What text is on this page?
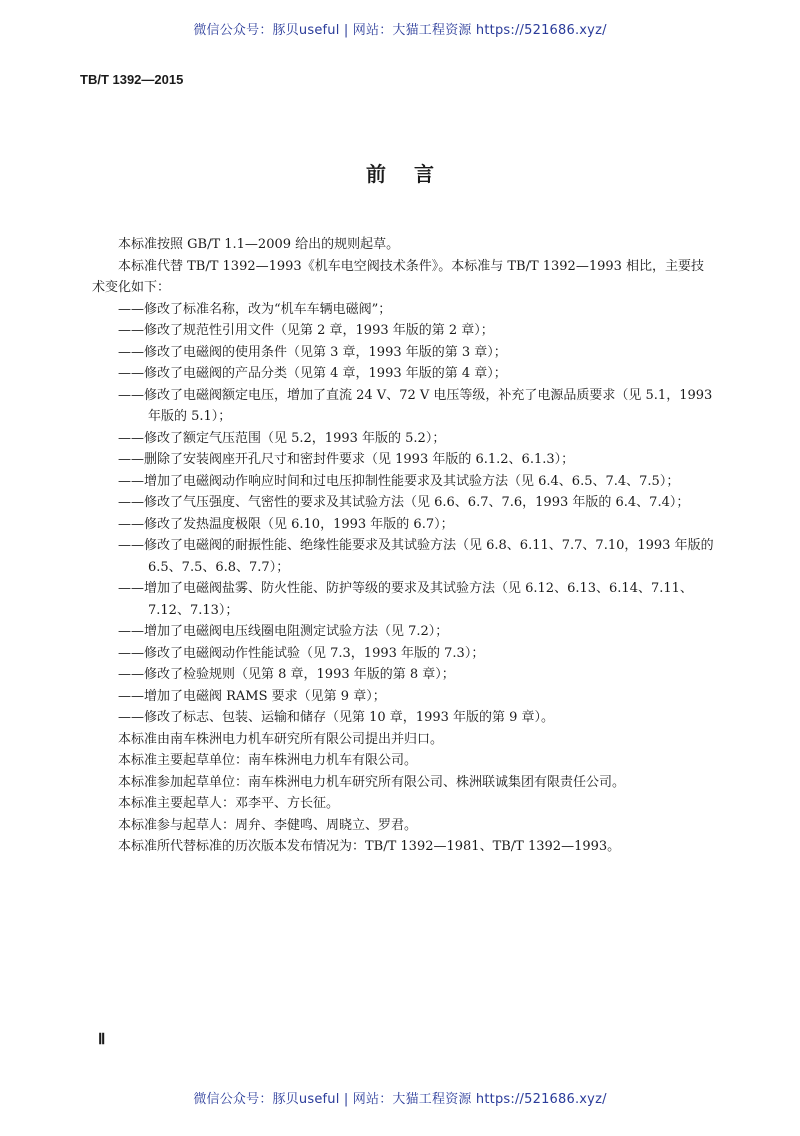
微信公众号：豚贝useful | 网站：大猫工程资源 https://521686.xyz/
TB/T 1392—2015
前言
本标准按照 GB/T 1.1—2009 给出的规则起草。
本标准代替 TB/T 1392—1993《机车电空阀技术条件》。本标准与 TB/T 1392—1993 相比，主要技
术变化如下：
——修改了标准名称，改为“机车车辆电磁阀”；
——修改了规范性引用文件（见第 2 章，1993 年版的第 2 章）；
——修改了电磁阀的使用条件（见第 3 章，1993 年版的第 3 章）；
——修改了电磁阀的产品分类（见第 4 章，1993 年版的第 4 章）；
——修改了电磁阀额定电压，增加了直流 24 V、72 V 电压等级，补充了电源品质要求（见 5.1，1993
年版的 5.1）；
——修改了额定气压范围（见 5.2，1993 年版的 5.2）；
——删除了安装阀座开孔尺寸和密封件要求（见 1993 年版的 6.1.2、6.1.3）；
——增加了电磁阀动作响应时间和过电压抑制性能要求及其试验方法（见 6.4、6.5、7.4、7.5）；
——修改了气压强度、气密性的要求及其试验方法（见 6.6、6.7、7.6，1993 年版的 6.4、7.4）；
——修改了发热温度极限（见 6.10，1993 年版的 6.7）；
——修改了电磁阀的耐振性能、绝缘性能要求及其试验方法（见 6.8、6.11、7.7、7.10，1993 年版的
6.5、7.5、6.8、7.7）；
——增加了电磁阀盐雾、防火性能、防护等级的要求及其试验方法（见 6.12、6.13、6.14、7.11、
7.12、7.13）；
——增加了电磁阀电压线圈电阻测定试验方法（见 7.2）；
——修改了电磁阀动作性能试验（见 7.3，1993 年版的 7.3）；
——修改了检验规则（见第 8 章，1993 年版的第 8 章）；
——增加了电磁阀 RAMS 要求（见第 9 章）；
——修改了标志、包装、运输和储存（见第 10 章，1993 年版的第 9 章）。
本标准由南车株洲电力机车研究所有限公司提出并归口。
本标准主要起草单位：南车株洲电力机车有限公司。
本标准参加起草单位：南车株洲电力机车研究所有限公司、株洲联诚集团有限责任公司。
本标准主要起草人：邓李平、方长征。
本标准参与起草人：周弁、李健鸣、周晓立、罗君。
本标准所代替标准的历次版本发布情况为：TB/T 1392—1981、TB/T 1392—1993。
Ⅱ
微信公众号：豚贝useful | 网站：大猫工程资源 https://521686.xyz/
